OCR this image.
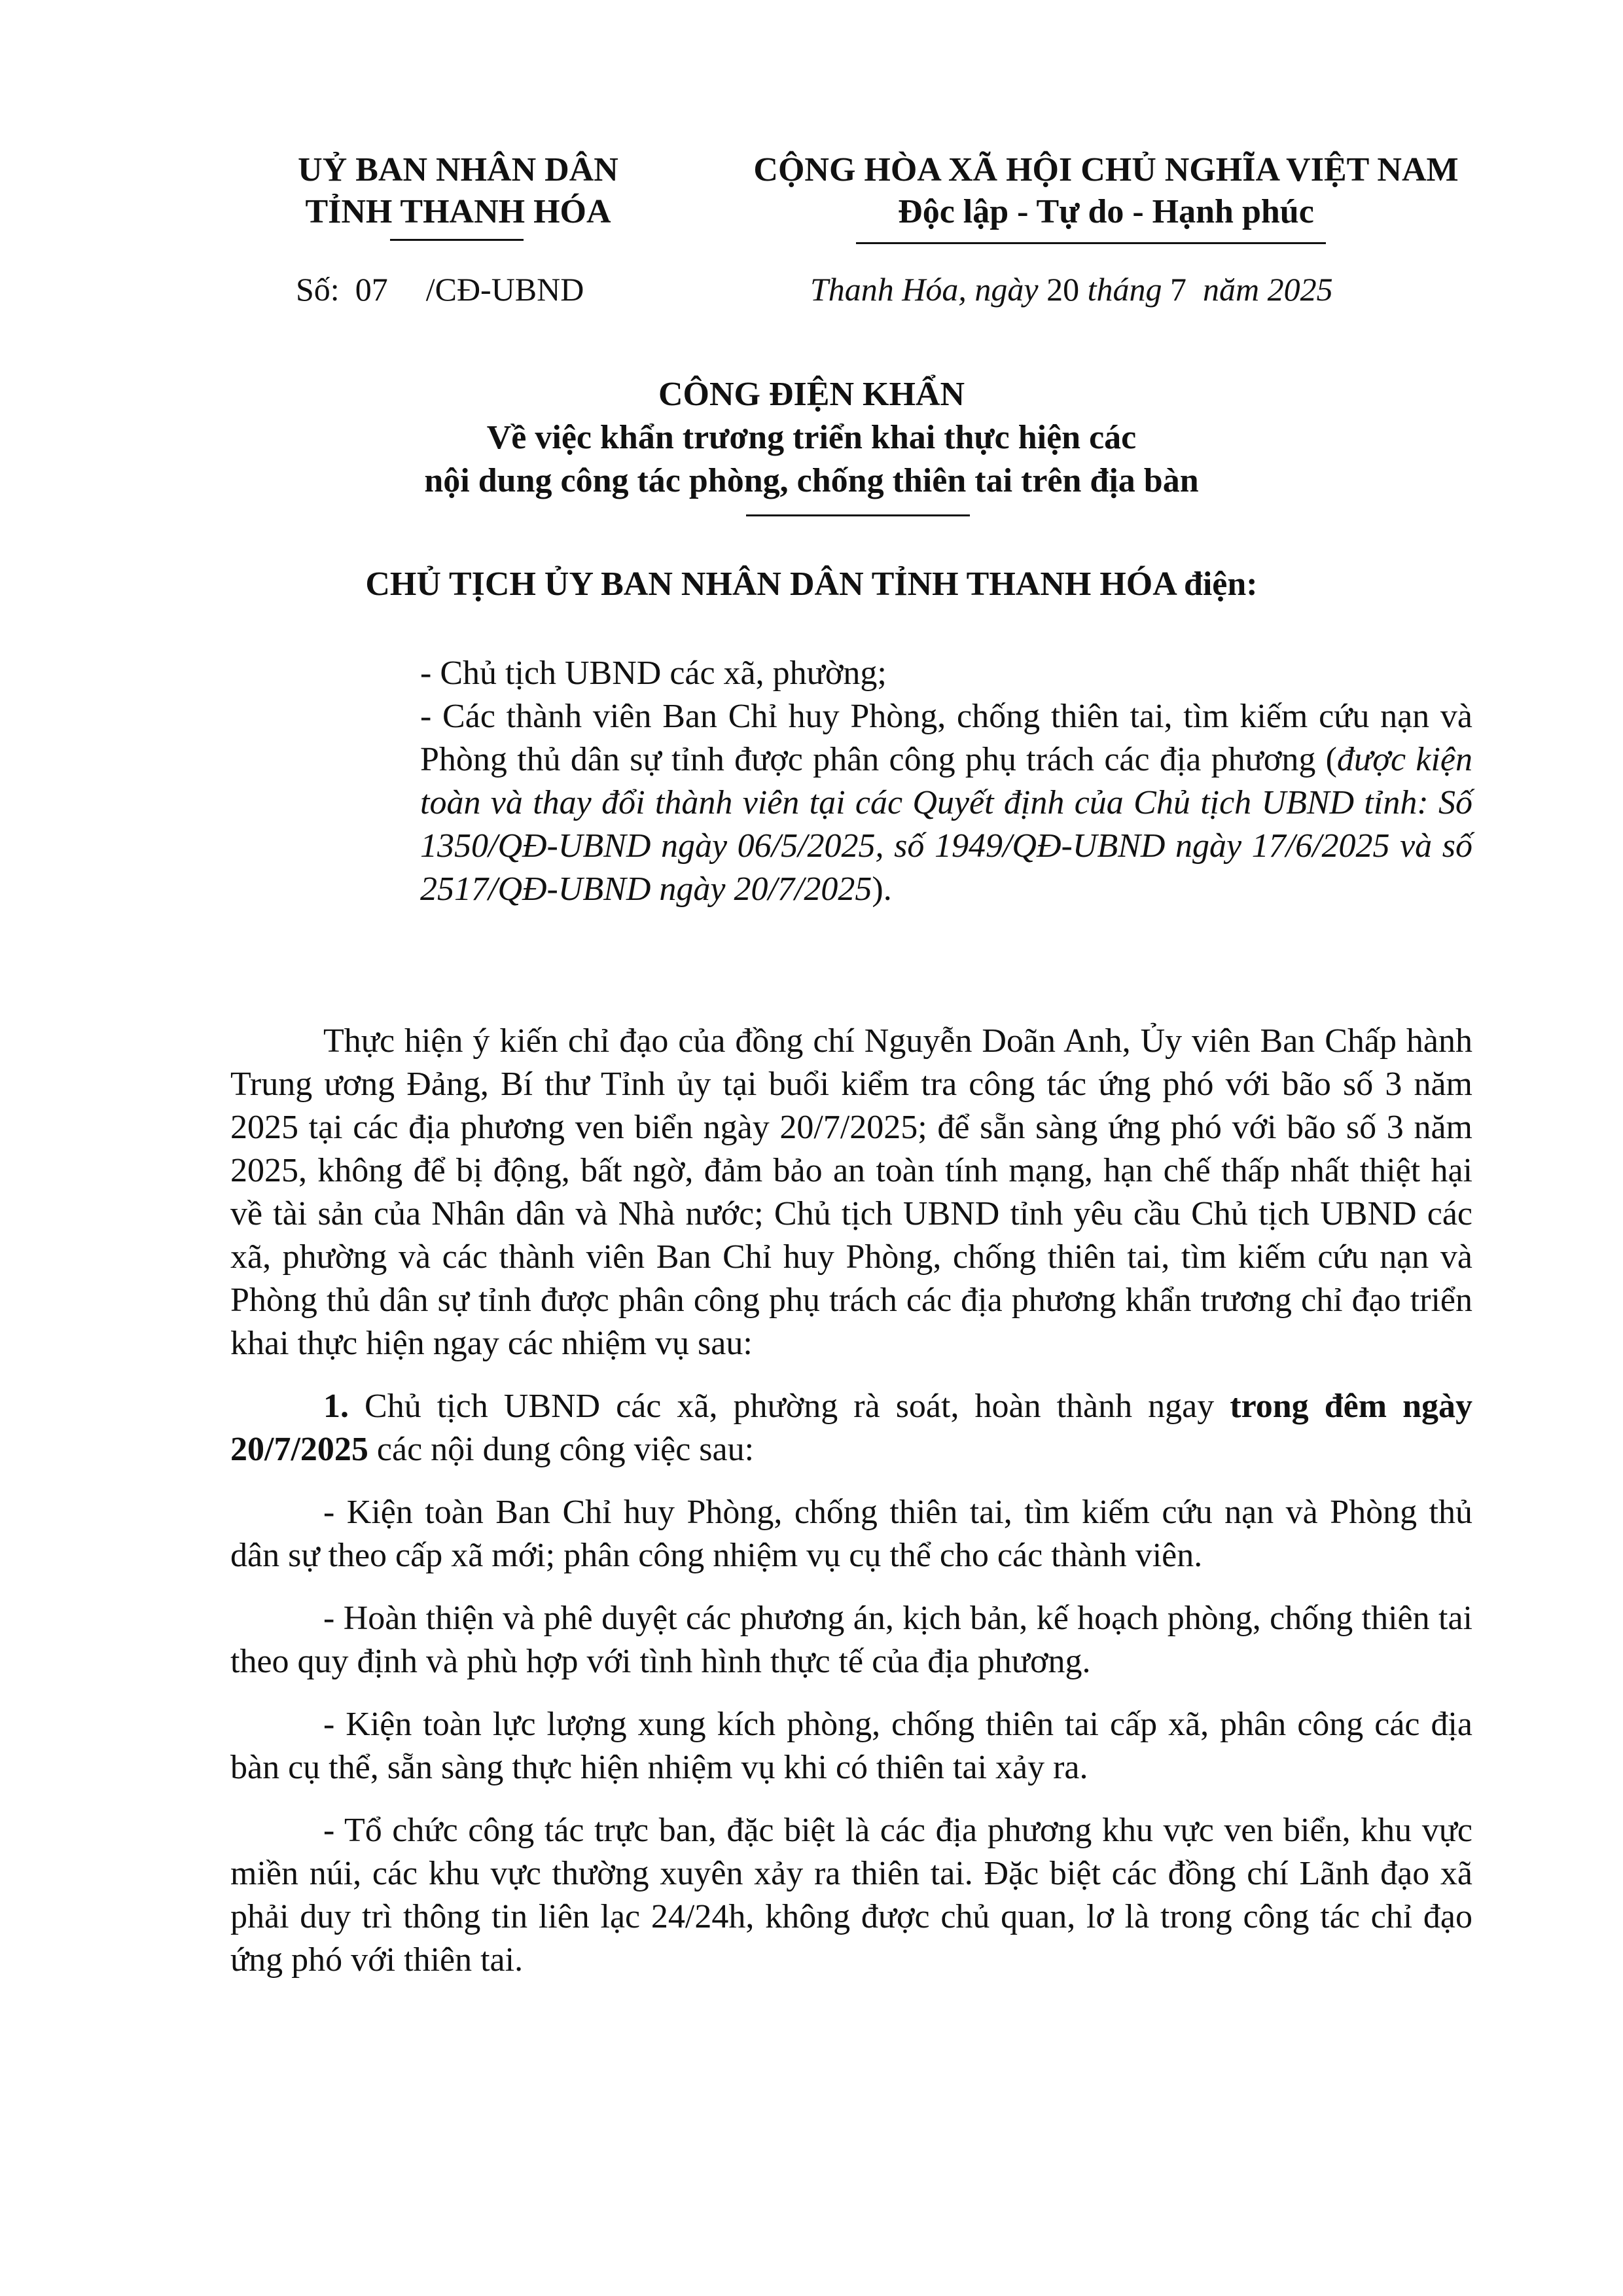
UỶ BAN NHÂN DÂN
TỈNH THANH HÓA
CỘNG HÒA XÃ HỘI CHỦ NGHĨA VIỆT NAM
Độc lập - Tự do - Hạnh phúc
Số: 07 /CĐ-UBND	Thanh Hóa, ngày 20 tháng 7 năm 2025
CÔNG ĐIỆN KHẨN
Về việc khẩn trương triển khai thực hiện các
nội dung công tác phòng, chống thiên tai trên địa bàn
CHỦ TỊCH ỦY BAN NHÂN DÂN TỈNH THANH HÓA điện:

- Chủ tịch UBND các xã, phường;

- Các thành viên Ban Chỉ huy Phòng, chống thiên tai, tìm kiếm cứu nạn và Phòng thủ dân sự tỉnh được phân công phụ trách các địa phương (được kiện toàn và thay đổi thành viên tại các Quyết định của Chủ tịch UBND tỉnh: Số 1350/QĐ-UBND ngày 06/5/2025, số 1949/QĐ-UBND ngày 17/6/2025 và số 2517/QĐ-UBND ngày 20/7/2025).

Thực hiện ý kiến chỉ đạo của đồng chí Nguyễn Doãn Anh, Ủy viên Ban Chấp hành Trung ương Đảng, Bí thư Tỉnh ủy tại buổi kiểm tra công tác ứng phó với bão số 3 năm 2025 tại các địa phương ven biển ngày 20/7/2025; để sẵn sàng ứng phó với bão số 3 năm 2025, không để bị động, bất ngờ, đảm bảo an toàn tính mạng, hạn chế thấp nhất thiệt hại về tài sản của Nhân dân và Nhà nước; Chủ tịch UBND tỉnh yêu cầu Chủ tịch UBND các xã, phường và các thành viên Ban Chỉ huy Phòng, chống thiên tai, tìm kiếm cứu nạn và Phòng thủ dân sự tỉnh được phân công phụ trách các địa phương khẩn trương chỉ đạo triển khai thực hiện ngay các nhiệm vụ sau:

1. Chủ tịch UBND các xã, phường rà soát, hoàn thành ngay trong đêm ngày 20/7/2025 các nội dung công việc sau:

- Kiện toàn Ban Chỉ huy Phòng, chống thiên tai, tìm kiếm cứu nạn và Phòng thủ dân sự theo cấp xã mới; phân công nhiệm vụ cụ thể cho các thành viên.

- Hoàn thiện và phê duyệt các phương án, kịch bản, kế hoạch phòng, chống thiên tai theo quy định và phù hợp với tình hình thực tế của địa phương.

- Kiện toàn lực lượng xung kích phòng, chống thiên tai cấp xã, phân công các địa bàn cụ thể, sẵn sàng thực hiện nhiệm vụ khi có thiên tai xảy ra.

- Tổ chức công tác trực ban, đặc biệt là các địa phương khu vực ven biển, khu vực miền núi, các khu vực thường xuyên xảy ra thiên tai. Đặc biệt các đồng chí Lãnh đạo xã phải duy trì thông tin liên lạc 24/24h, không được chủ quan, lơ là trong công tác chỉ đạo ứng phó với thiên tai.
